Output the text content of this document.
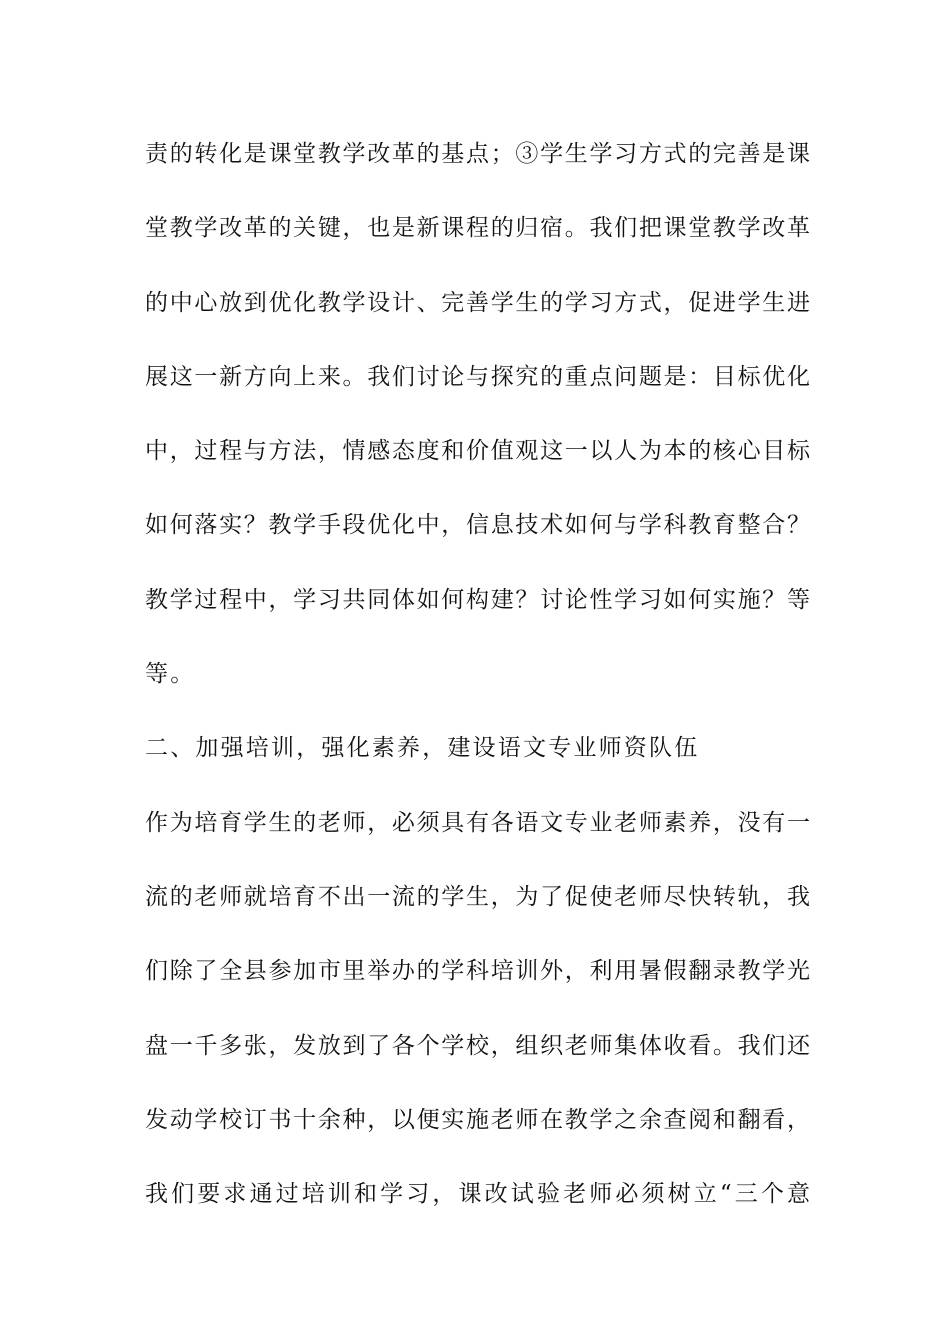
责的转化是课堂教学改革的基点；③学生学习方式的完善是课
堂教学改革的关键，也是新课程的归宿。我们把课堂教学改革
的中心放到优化教学设计、完善学生的学习方式，促进学生进
展这一新方向上来。我们讨论与探究的重点问题是：目标优化
中，过程与方法，情感态度和价值观这一以人为本的核心目标
如何落实？教学手段优化中，信息技术如何与学科教育整合？
教学过程中，学习共同体如何构建？讨论性学习如何实施？等
等。
二、加强培训，强化素养，建设语文专业师资队伍
作为培育学生的老师，必须具有各语文专业老师素养，没有一
流的老师就培育不出一流的学生，为了促使老师尽快转轨，我
们除了全县参加市里举办的学科培训外，利用暑假翻录教学光
盘一千多张，发放到了各个学校，组织老师集体收看。我们还
发动学校订书十余种，以便实施老师在教学之余查阅和翻看，
我们要求通过培训和学习，课改试验老师必须树立“三个意
